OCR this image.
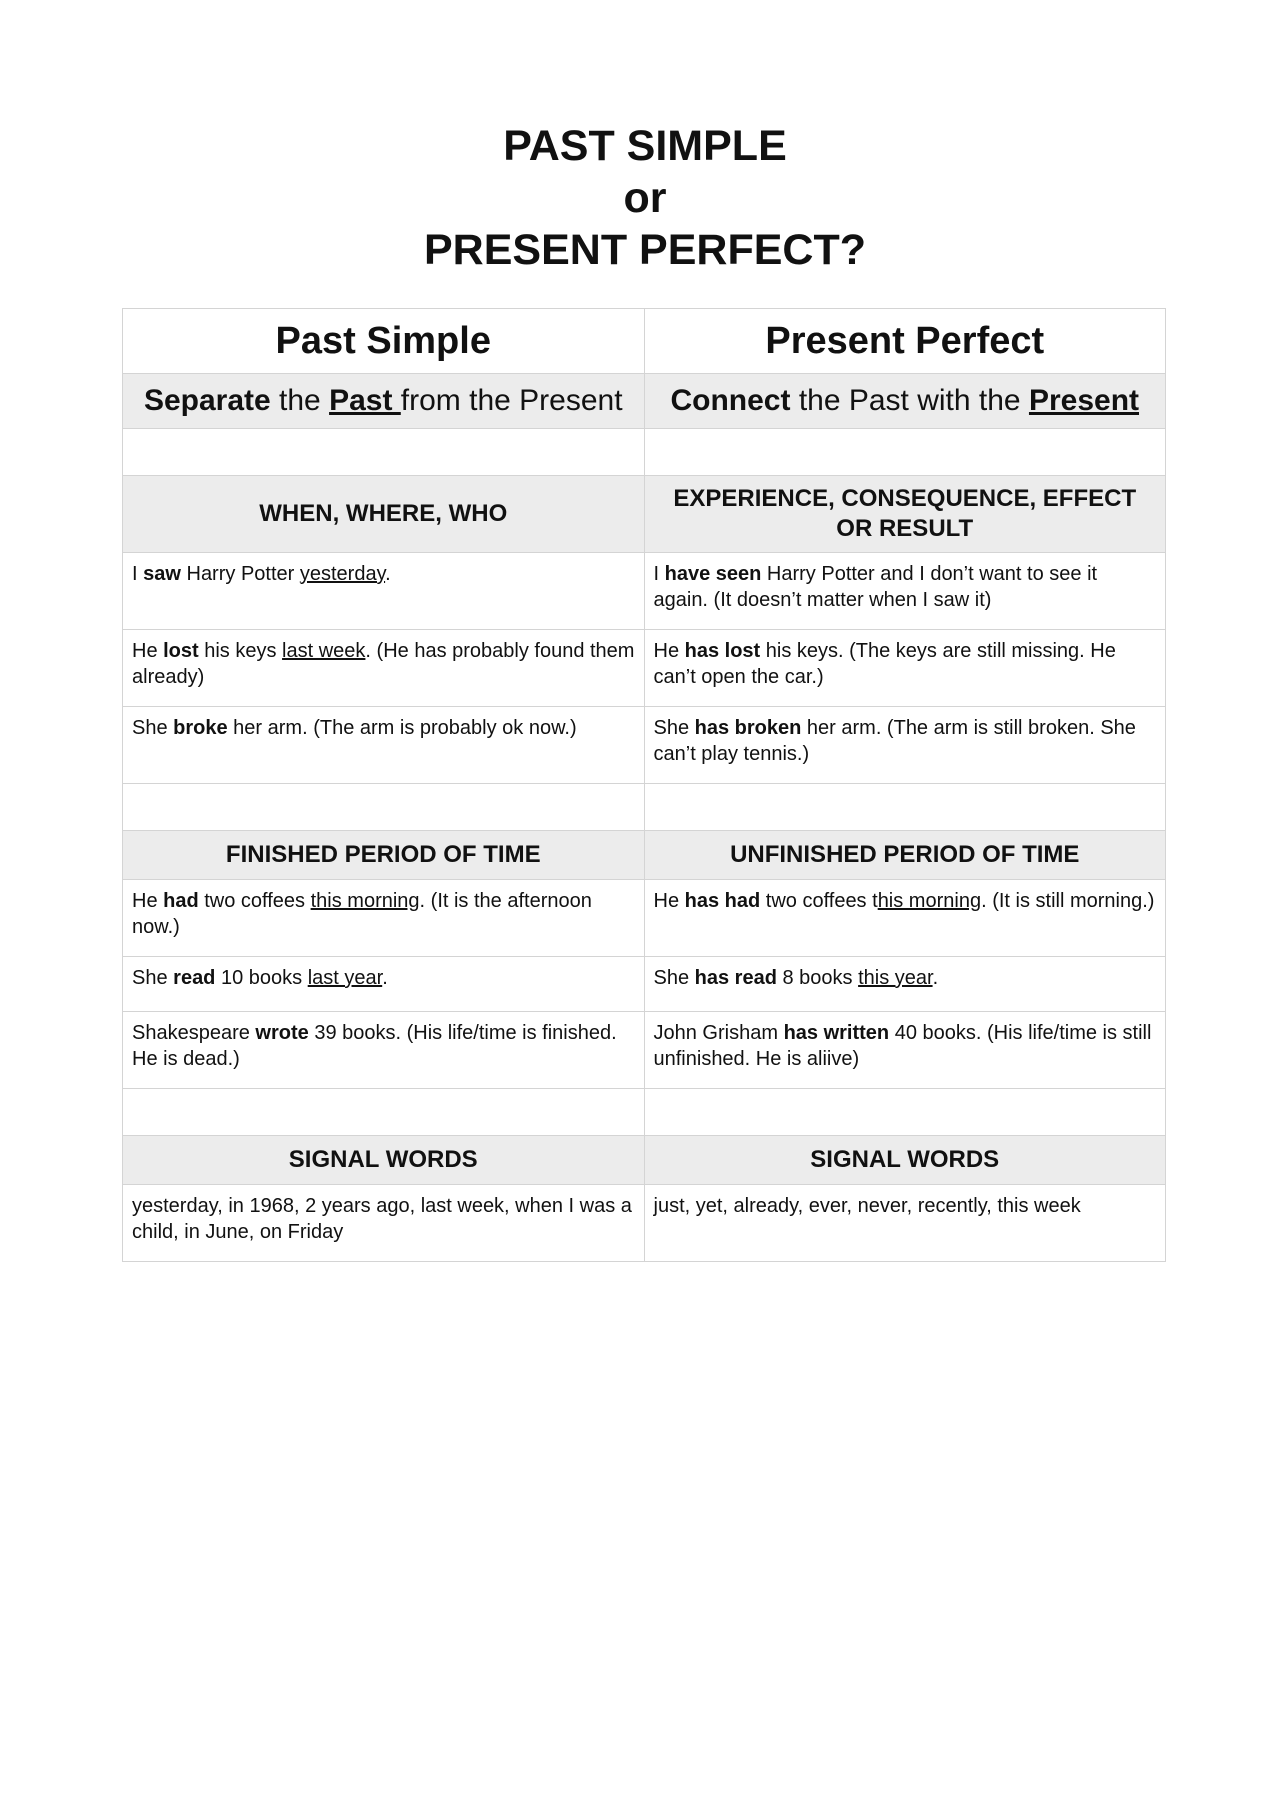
PAST SIMPLE
or
PRESENT PERFECT?
Past Simple	Present Perfect
Separate the Past from the Present	Connect the Past with the Present

WHEN, WHERE, WHO	EXPERIENCE, CONSEQUENCE, EFFECT OR RESULT
I saw Harry Potter yesterday.	I have seen Harry Potter and I don’t want to see it again. (It doesn’t matter when I saw it)
He lost his keys last week. (He has probably found them already)	He has lost his keys. (The keys are still missing. He can’t open the car.)
She broke her arm. (The arm is probably ok now.)	She has broken her arm. (The arm is still broken. She can’t play tennis.)

FINISHED PERIOD OF TIME	UNFINISHED PERIOD OF TIME
He had two coffees this morning. (It is the afternoon now.)	He has had two coffees this morning. (It is still morning.)
She read 10 books last year.	She has read 8 books this year.
Shakespeare wrote 39 books. (His life/time is finished. He is dead.)	John Grisham has written 40 books. (His life/time is still unfinished. He is aliive)

SIGNAL WORDS	SIGNAL WORDS
yesterday, in 1968, 2 years ago, last week, when I was a child, in June, on Friday	just, yet, already, ever, never, recently, this week
